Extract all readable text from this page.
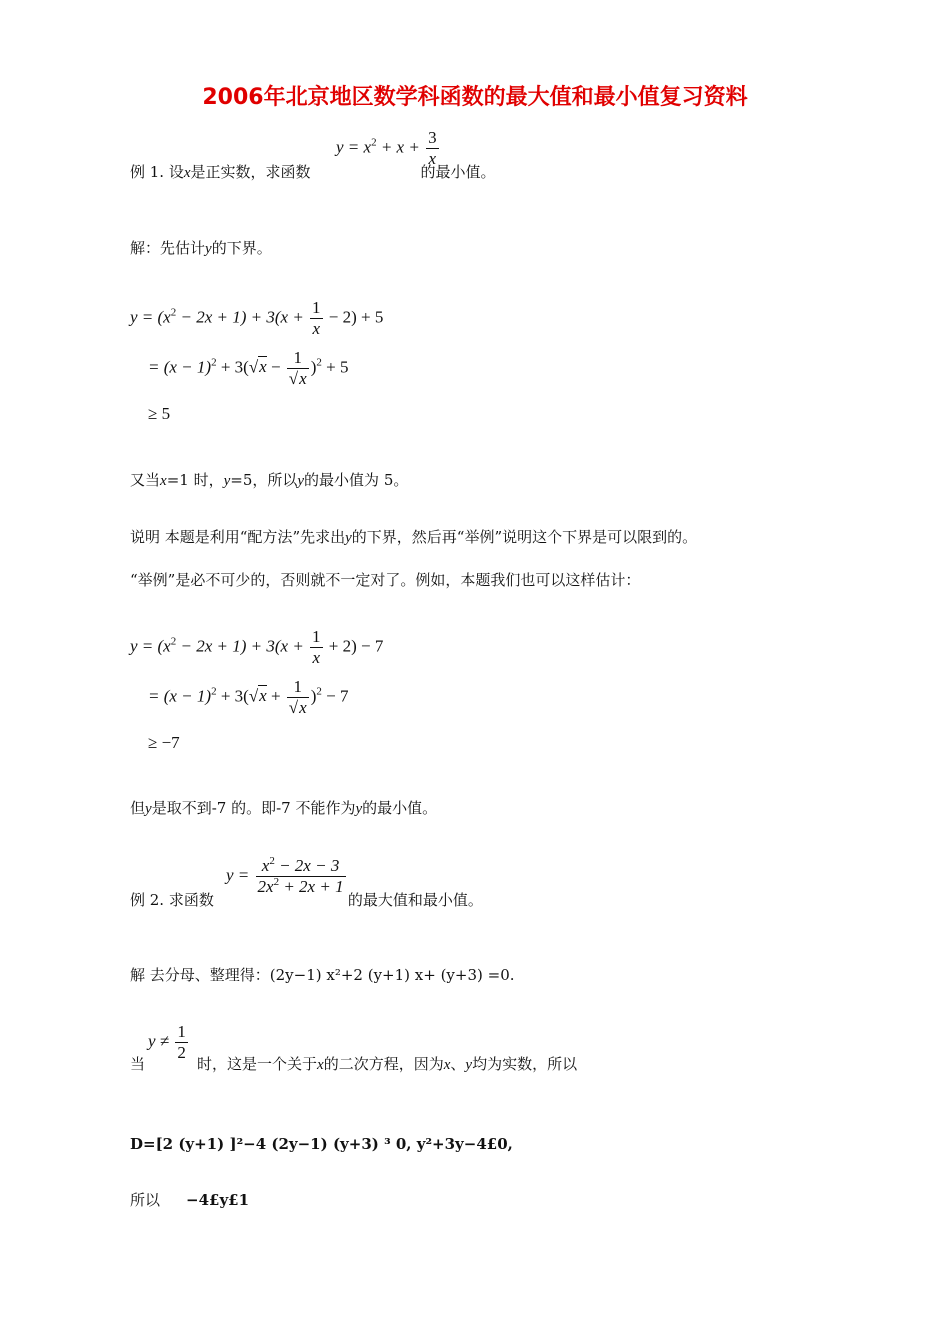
2006年北京地区数学科函数的最大值和最小值复习资料
$y = x^2 + x + \frac{3}{x}$
例 1. 设x是正实数，求函数	的最小值。
解：先估计y的下界。
$y = (x^2 - 2x + 1) + 3(x + \frac{1}{x} - 2) + 5$
= $(x - 1)^2 + 3(√x - \frac{1}{√x} )^2 + 5$
≥ 5
又当x=1 时，y=5，所以y的最小值为 5。
说明 本题是利用“配方法”先求出y的下界，然后再“举例”说明这个下界是可以限到的。
“举例”是必不可少的，否则就不一定对了。例如，本题我们也可以这样估计：
$y = (x^2 - 2x + 1) + 3(x + \frac{1}{x} + 2) - 7$
= $(x - 1)^2 + 3(√x + \frac{1}{√x} )^2 - 7$
≥ −7
但y是取不到-7 的。即-7 不能作为y的最小值。
$y = \frac{x^2 - 2x - 3}{2x^2 + 2x + 1}$
例 2. 求函数	的最大值和最小值。
解 去分母、整理得：(2y−1) x²+2 (y+1) x+ (y+3) =0.
$y \ne \frac{1}{2}$
当	时，这是一个关于x的二次方程，因为x、y均为实数，所以
D=[2 (y+1) ]²−4 (2y−1) (y+3) ³ 0, y²+3y−4£0,
所以 −4£y£1
